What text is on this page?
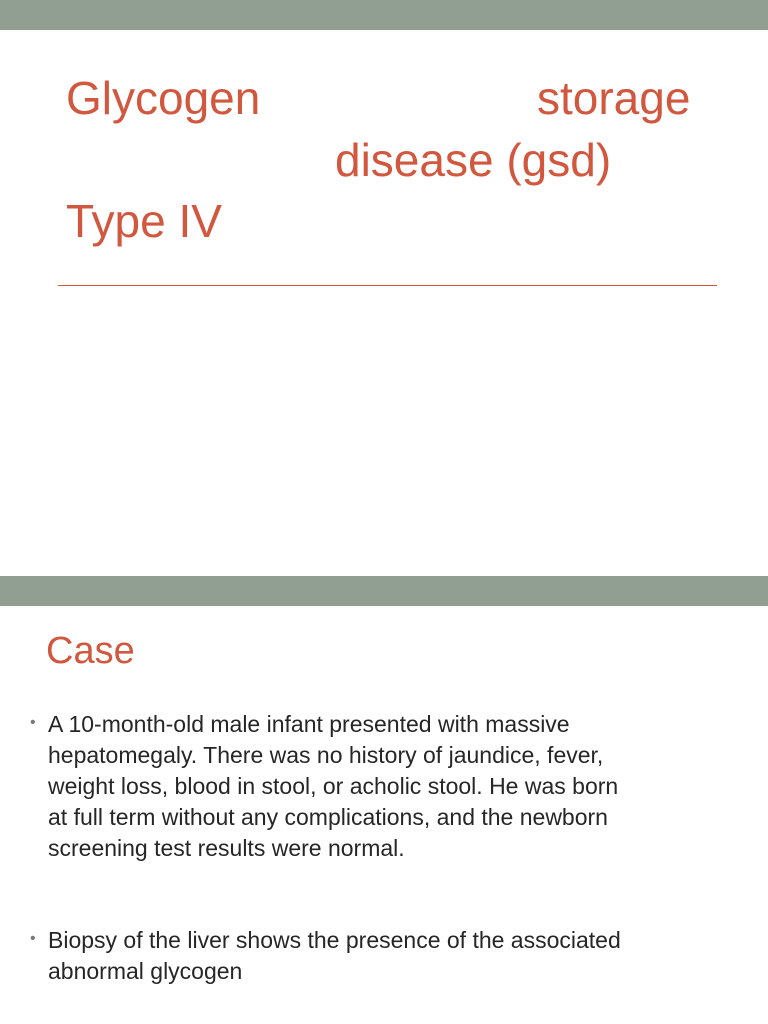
Glycogen	storage
disease (gsd)
Type IV
Case
• A 10-month-old male infant presented with massive
hepatomegaly. There was no history of jaundice, fever,
weight loss, blood in stool, or acholic stool. He was born
at full term without any complications, and the newborn
screening test results were normal.
• Biopsy of the liver shows the presence of the associated
abnormal glycogen
